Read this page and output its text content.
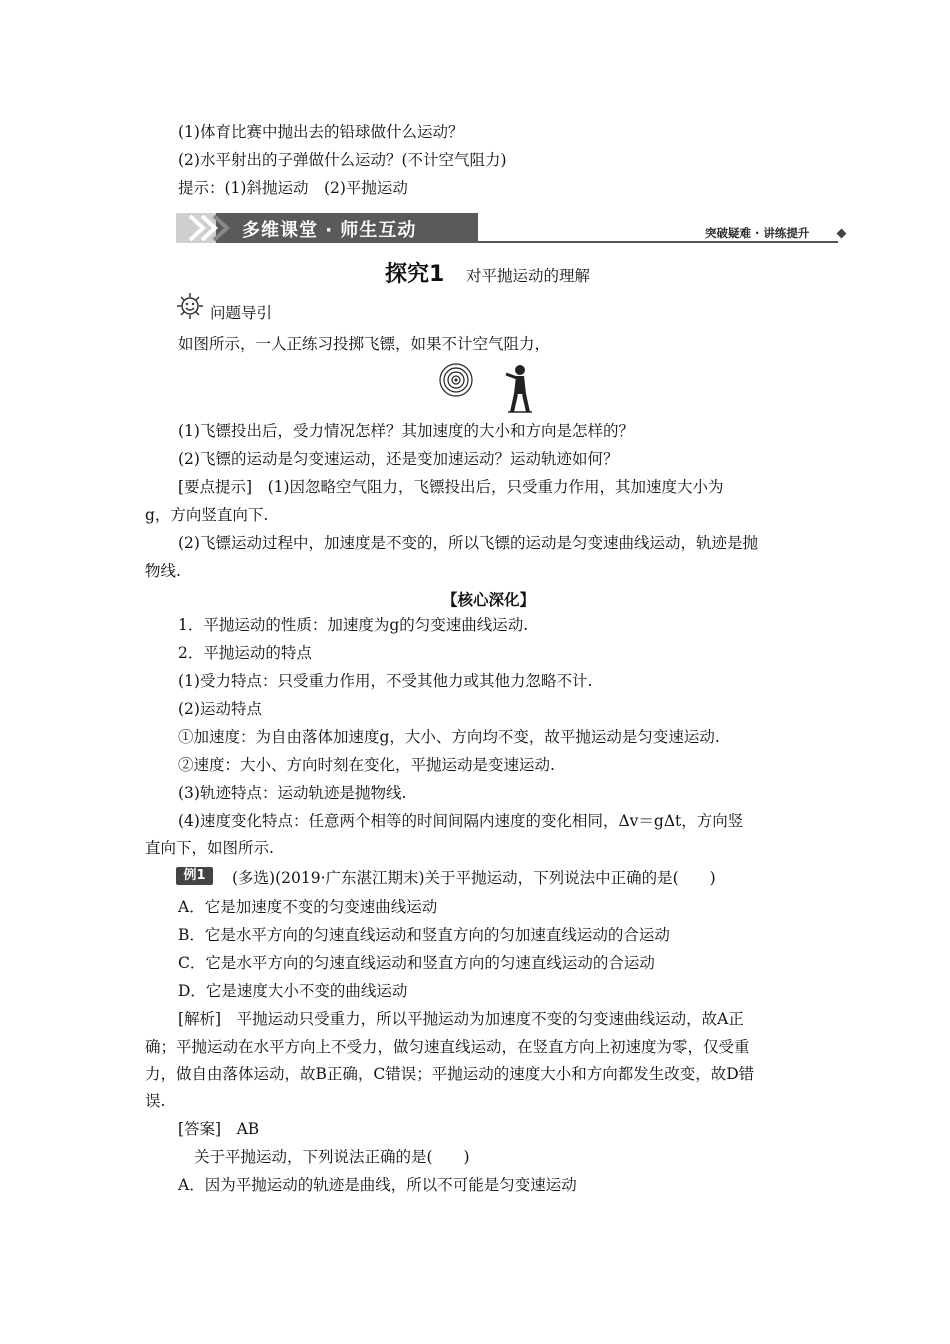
(1)体育比赛中抛出去的铅球做什么运动？
(2)水平射出的子弹做什么运动？(不计空气阻力)
提示：(1)斜抛运动　(2)平抛运动
多维课堂 · 师生互动	突破疑难 · 讲练提升
探究1 对平抛运动的理解
问题导引
如图所示，一人正练习投掷飞镖，如果不计空气阻力，
(1)飞镖投出后，受力情况怎样？其加速度的大小和方向是怎样的？
(2)飞镖的运动是匀变速运动，还是变加速运动？运动轨迹如何？
[要点提示]　(1)因忽略空气阻力，飞镖投出后，只受重力作用，其加速度大小为
g，方向竖直向下.
(2)飞镖运动过程中，加速度是不变的，所以飞镖的运动是匀变速曲线运动，轨迹是抛
物线.
【核心深化】
1．平抛运动的性质：加速度为g的匀变速曲线运动.
2．平抛运动的特点
(1)受力特点：只受重力作用，不受其他力或其他力忽略不计.
(2)运动特点
①加速度：为自由落体加速度g，大小、方向均不变，故平抛运动是匀变速运动.
②速度：大小、方向时刻在变化，平抛运动是变速运动.
(3)轨迹特点：运动轨迹是抛物线.
(4)速度变化特点：任意两个相等的时间间隔内速度的变化相同，Δv＝gΔt，方向竖
直向下，如图所示.
例1	(多选)(2019·广东湛江期末)关于平抛运动，下列说法中正确的是(　　)
A．它是加速度不变的匀变速曲线运动
B．它是水平方向的匀速直线运动和竖直方向的匀加速直线运动的合运动
C．它是水平方向的匀速直线运动和竖直方向的匀速直线运动的合运动
D．它是速度大小不变的曲线运动
[解析]　平抛运动只受重力，所以平抛运动为加速度不变的匀变速曲线运动，故A正
确；平抛运动在水平方向上不受力，做匀速直线运动，在竖直方向上初速度为零，仅受重
力，做自由落体运动，故B正确，C错误；平抛运动的速度大小和方向都发生改变，故D错
误.
[答案]　AB
关于平抛运动，下列说法正确的是(　　)
A．因为平抛运动的轨迹是曲线，所以不可能是匀变速运动
